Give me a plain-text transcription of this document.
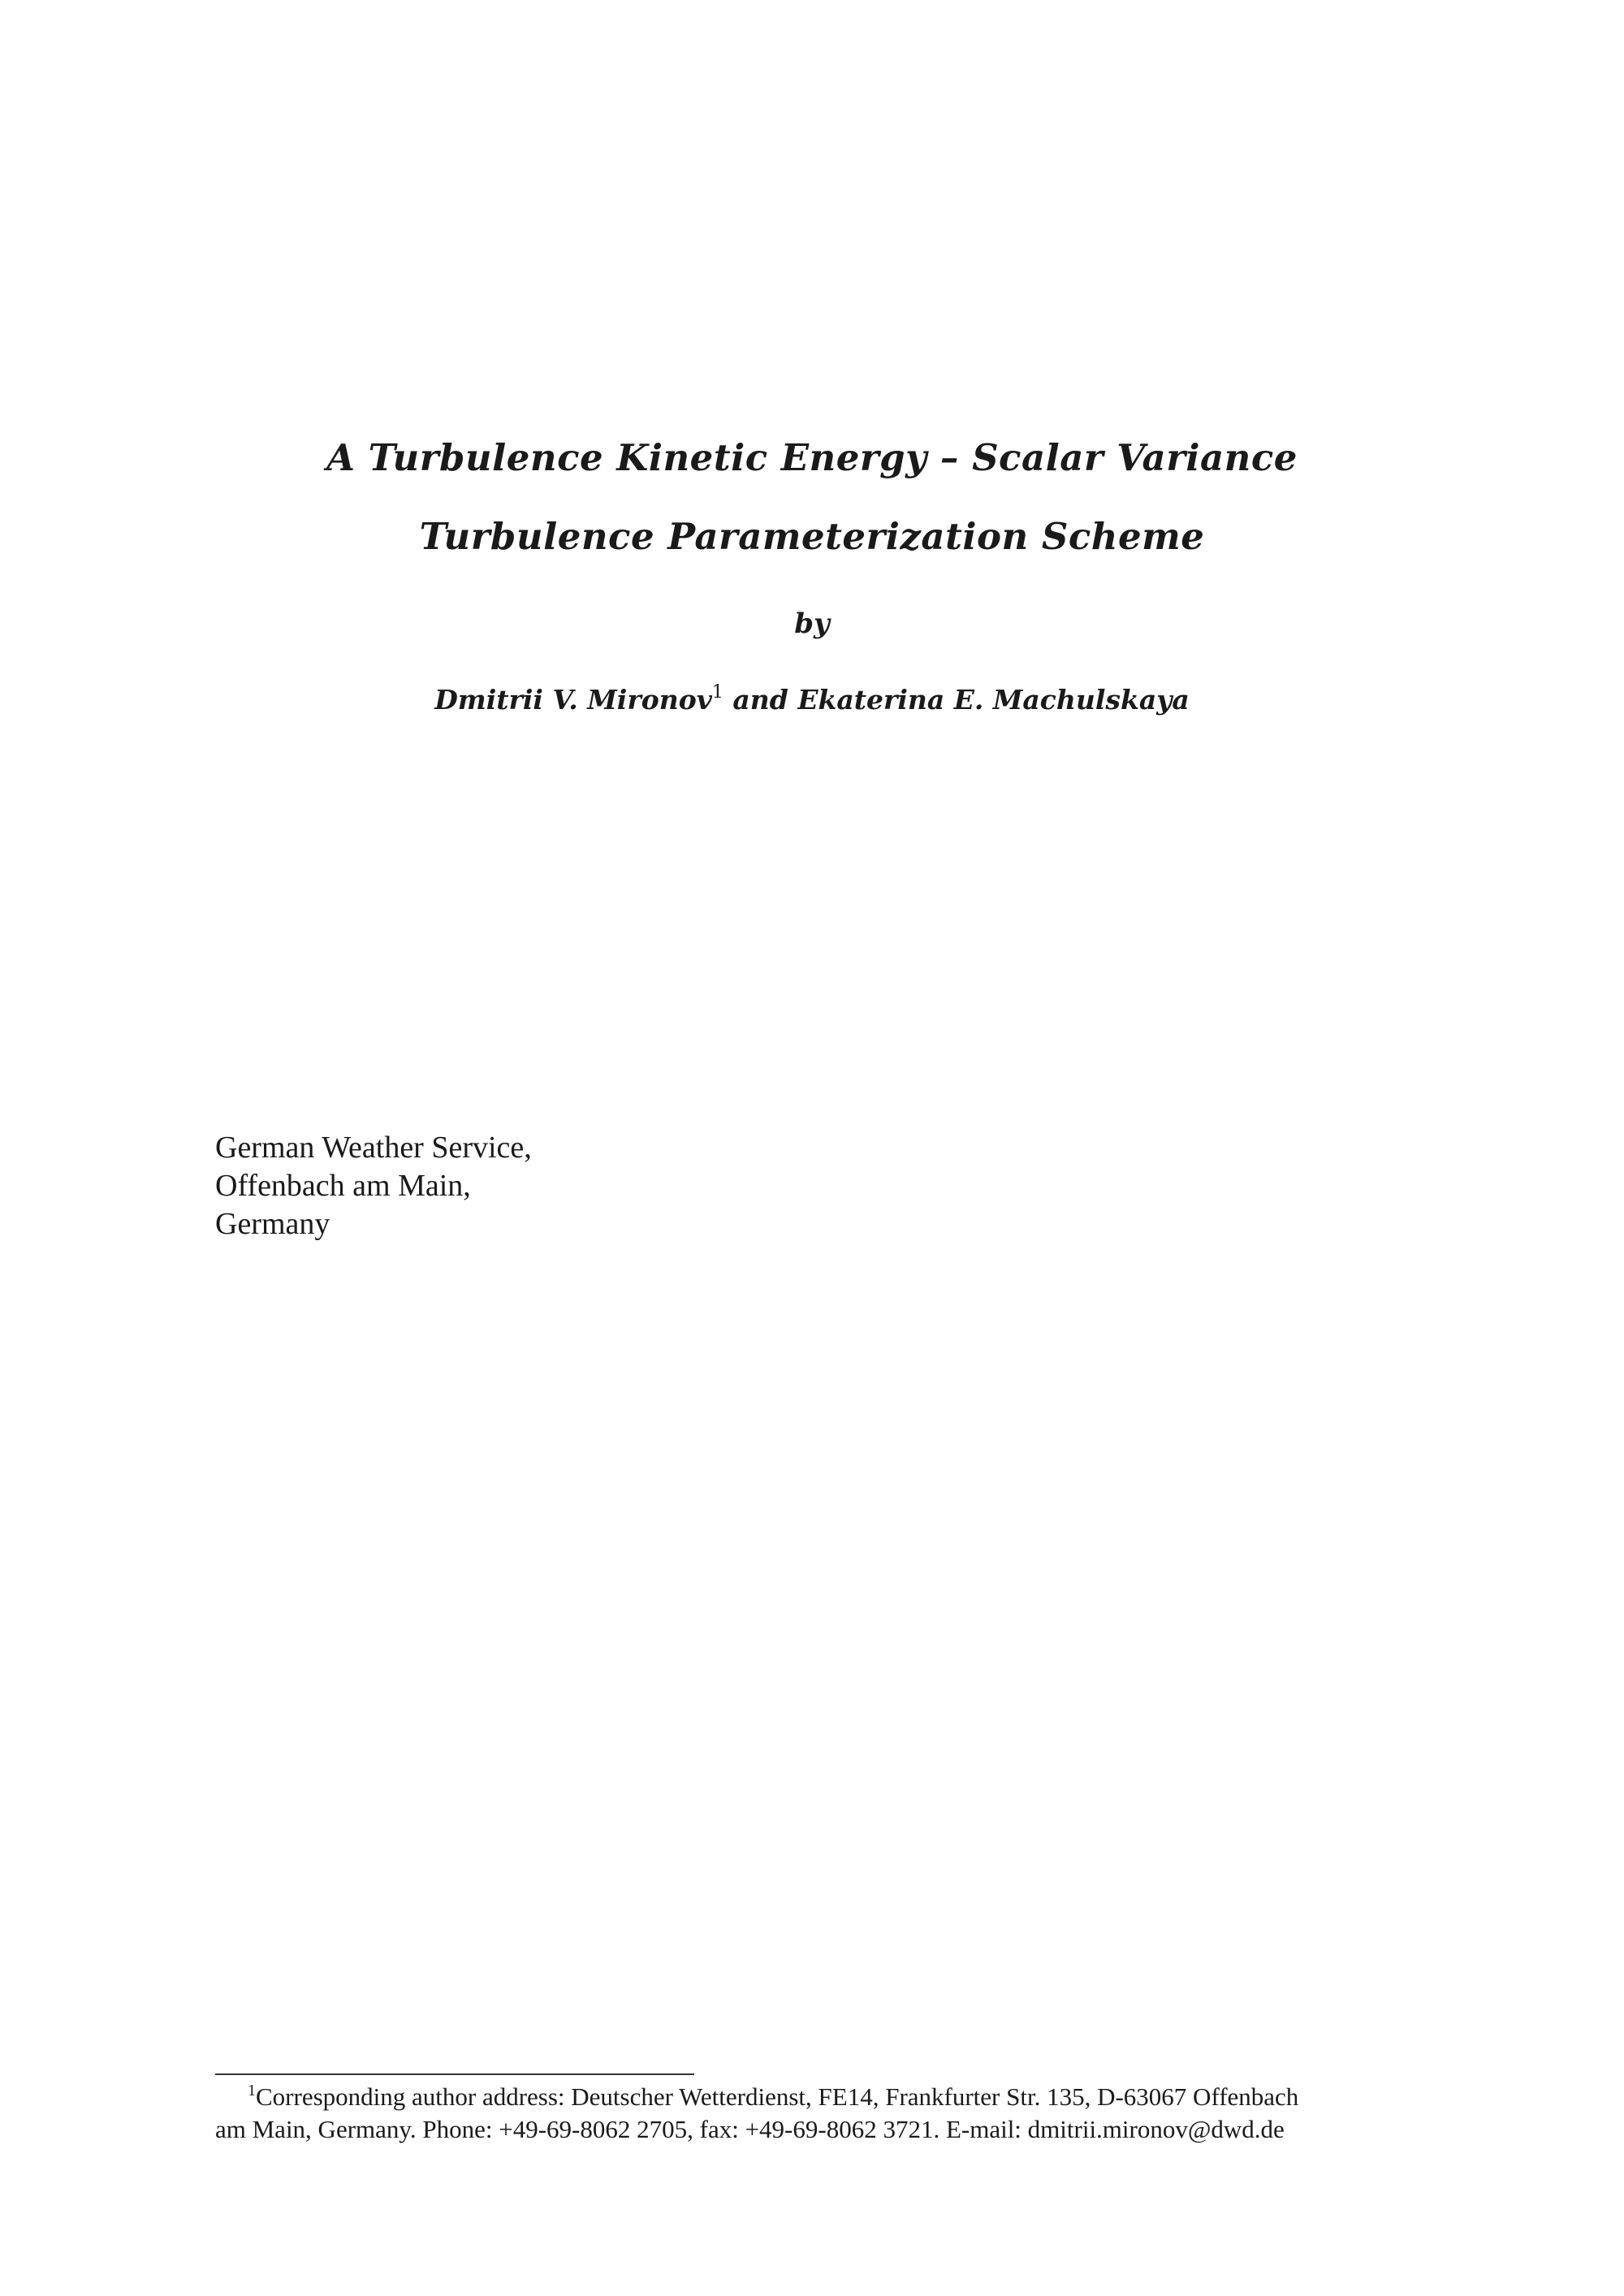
A Turbulence Kinetic Energy – Scalar Variance
Turbulence Parameterization Scheme
by
Dmitrii V. Mironov$^1$ and Ekaterina E. Machulskaya
German Weather Service,
Offenbach am Main,
Germany
$^1$Corresponding author address: Deutscher Wetterdienst, FE14, Frankfurter Str. 135, D-63067 Offenbach
am Main, Germany. Phone: +49-69-8062 2705, fax: +49-69-8062 3721. E-mail: dmitrii.mironov@dwd.de
